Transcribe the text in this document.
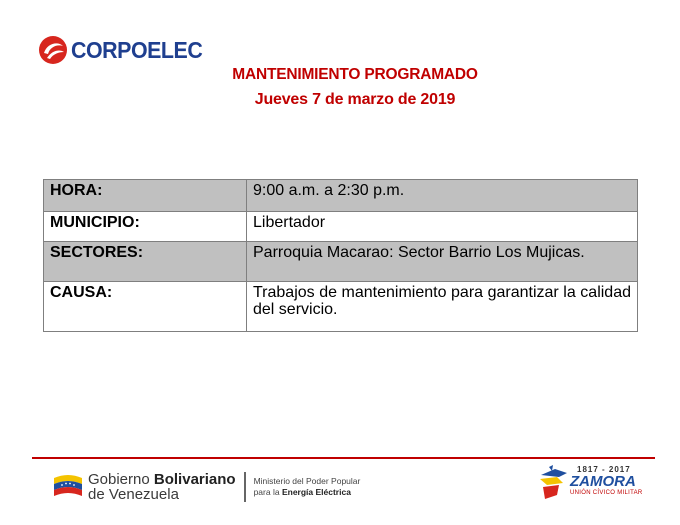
CORPOELEC
MANTENIMIENTO PROGRAMADO
Jueves 7 de marzo de 2019
HORA:	9:00 a.m. a 2:30 p.m.
MUNICIPIO:	Libertador
SECTORES:	Parroquia Macarao: Sector Barrio Los Mujicas.
CAUSA:	Trabajos de mantenimiento para garantizar la calidad del servicio.
Gobierno Bolivariano
de Venezuela
Ministerio del Poder Popular
para la Energía Eléctrica
1817 - 2017
ZAMORA
UNIÓN CÍVICO MILITAR
